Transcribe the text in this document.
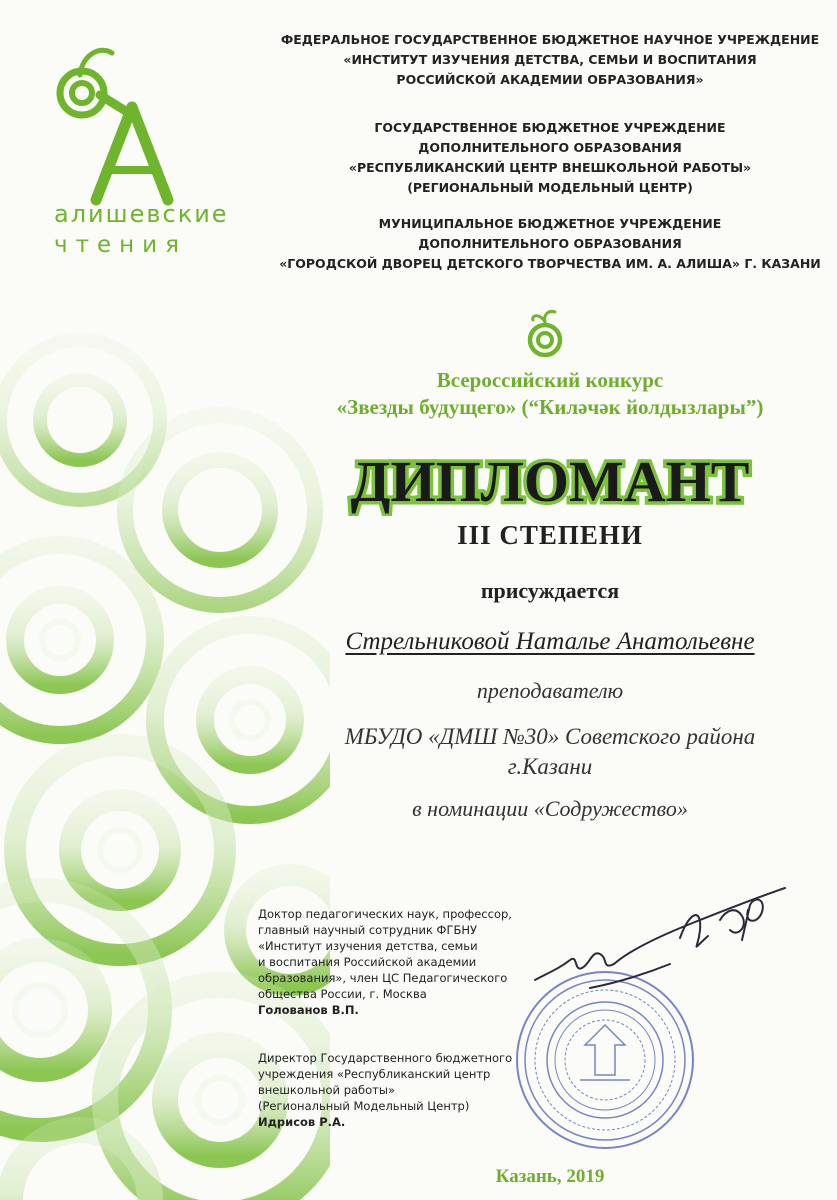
алишевские
чтения
ФЕДЕРАЛЬНОЕ ГОСУДАРСТВЕННОЕ БЮДЖЕТНОЕ НАУЧНОЕ УЧРЕЖДЕНИЕ
«ИНСТИТУТ ИЗУЧЕНИЯ ДЕТСТВА, СЕМЬИ И ВОСПИТАНИЯ
РОССИЙСКОЙ АКАДЕМИИ ОБРАЗОВАНИЯ»
ГОСУДАРСТВЕННОЕ БЮДЖЕТНОЕ УЧРЕЖДЕНИЕ
ДОПОЛНИТЕЛЬНОГО ОБРАЗОВАНИЯ
«РЕСПУБЛИКАНСКИЙ ЦЕНТР ВНЕШКОЛЬНОЙ РАБОТЫ»
(РЕГИОНАЛЬНЫЙ МОДЕЛЬНЫЙ ЦЕНТР)
МУНИЦИПАЛЬНОЕ БЮДЖЕТНОЕ УЧРЕЖДЕНИЕ
ДОПОЛНИТЕЛЬНОГО ОБРАЗОВАНИЯ
«ГОРОДСКОЙ ДВОРЕЦ ДЕТСКОГО ТВОРЧЕСТВА ИМ. А. АЛИША» Г. КАЗАНИ
Всероссийский конкурс
«Звезды будущего» (“Киләчәк йолдызлары”)
ДИПЛОМАНТ
III СТЕПЕНИ
присуждается
Стрельниковой Наталье Анатольевне
преподавателю
МБУДО «ДМШ №30» Советского района
г.Казани
в номинации «Содружество»
Доктор педагогических наук, профессор,
главный научный сотрудник ФГБНУ
«Институт изучения детства, семьи
и воспитания Российской академии
образования», член ЦС Педагогического
общества России, г. Москва
Голованов В.П.
Директор Государственного бюджетного
учреждения «Республиканский центр
внешкольной работы»
(Региональный Модельный Центр)
Идрисов Р.А.
Казань, 2019
